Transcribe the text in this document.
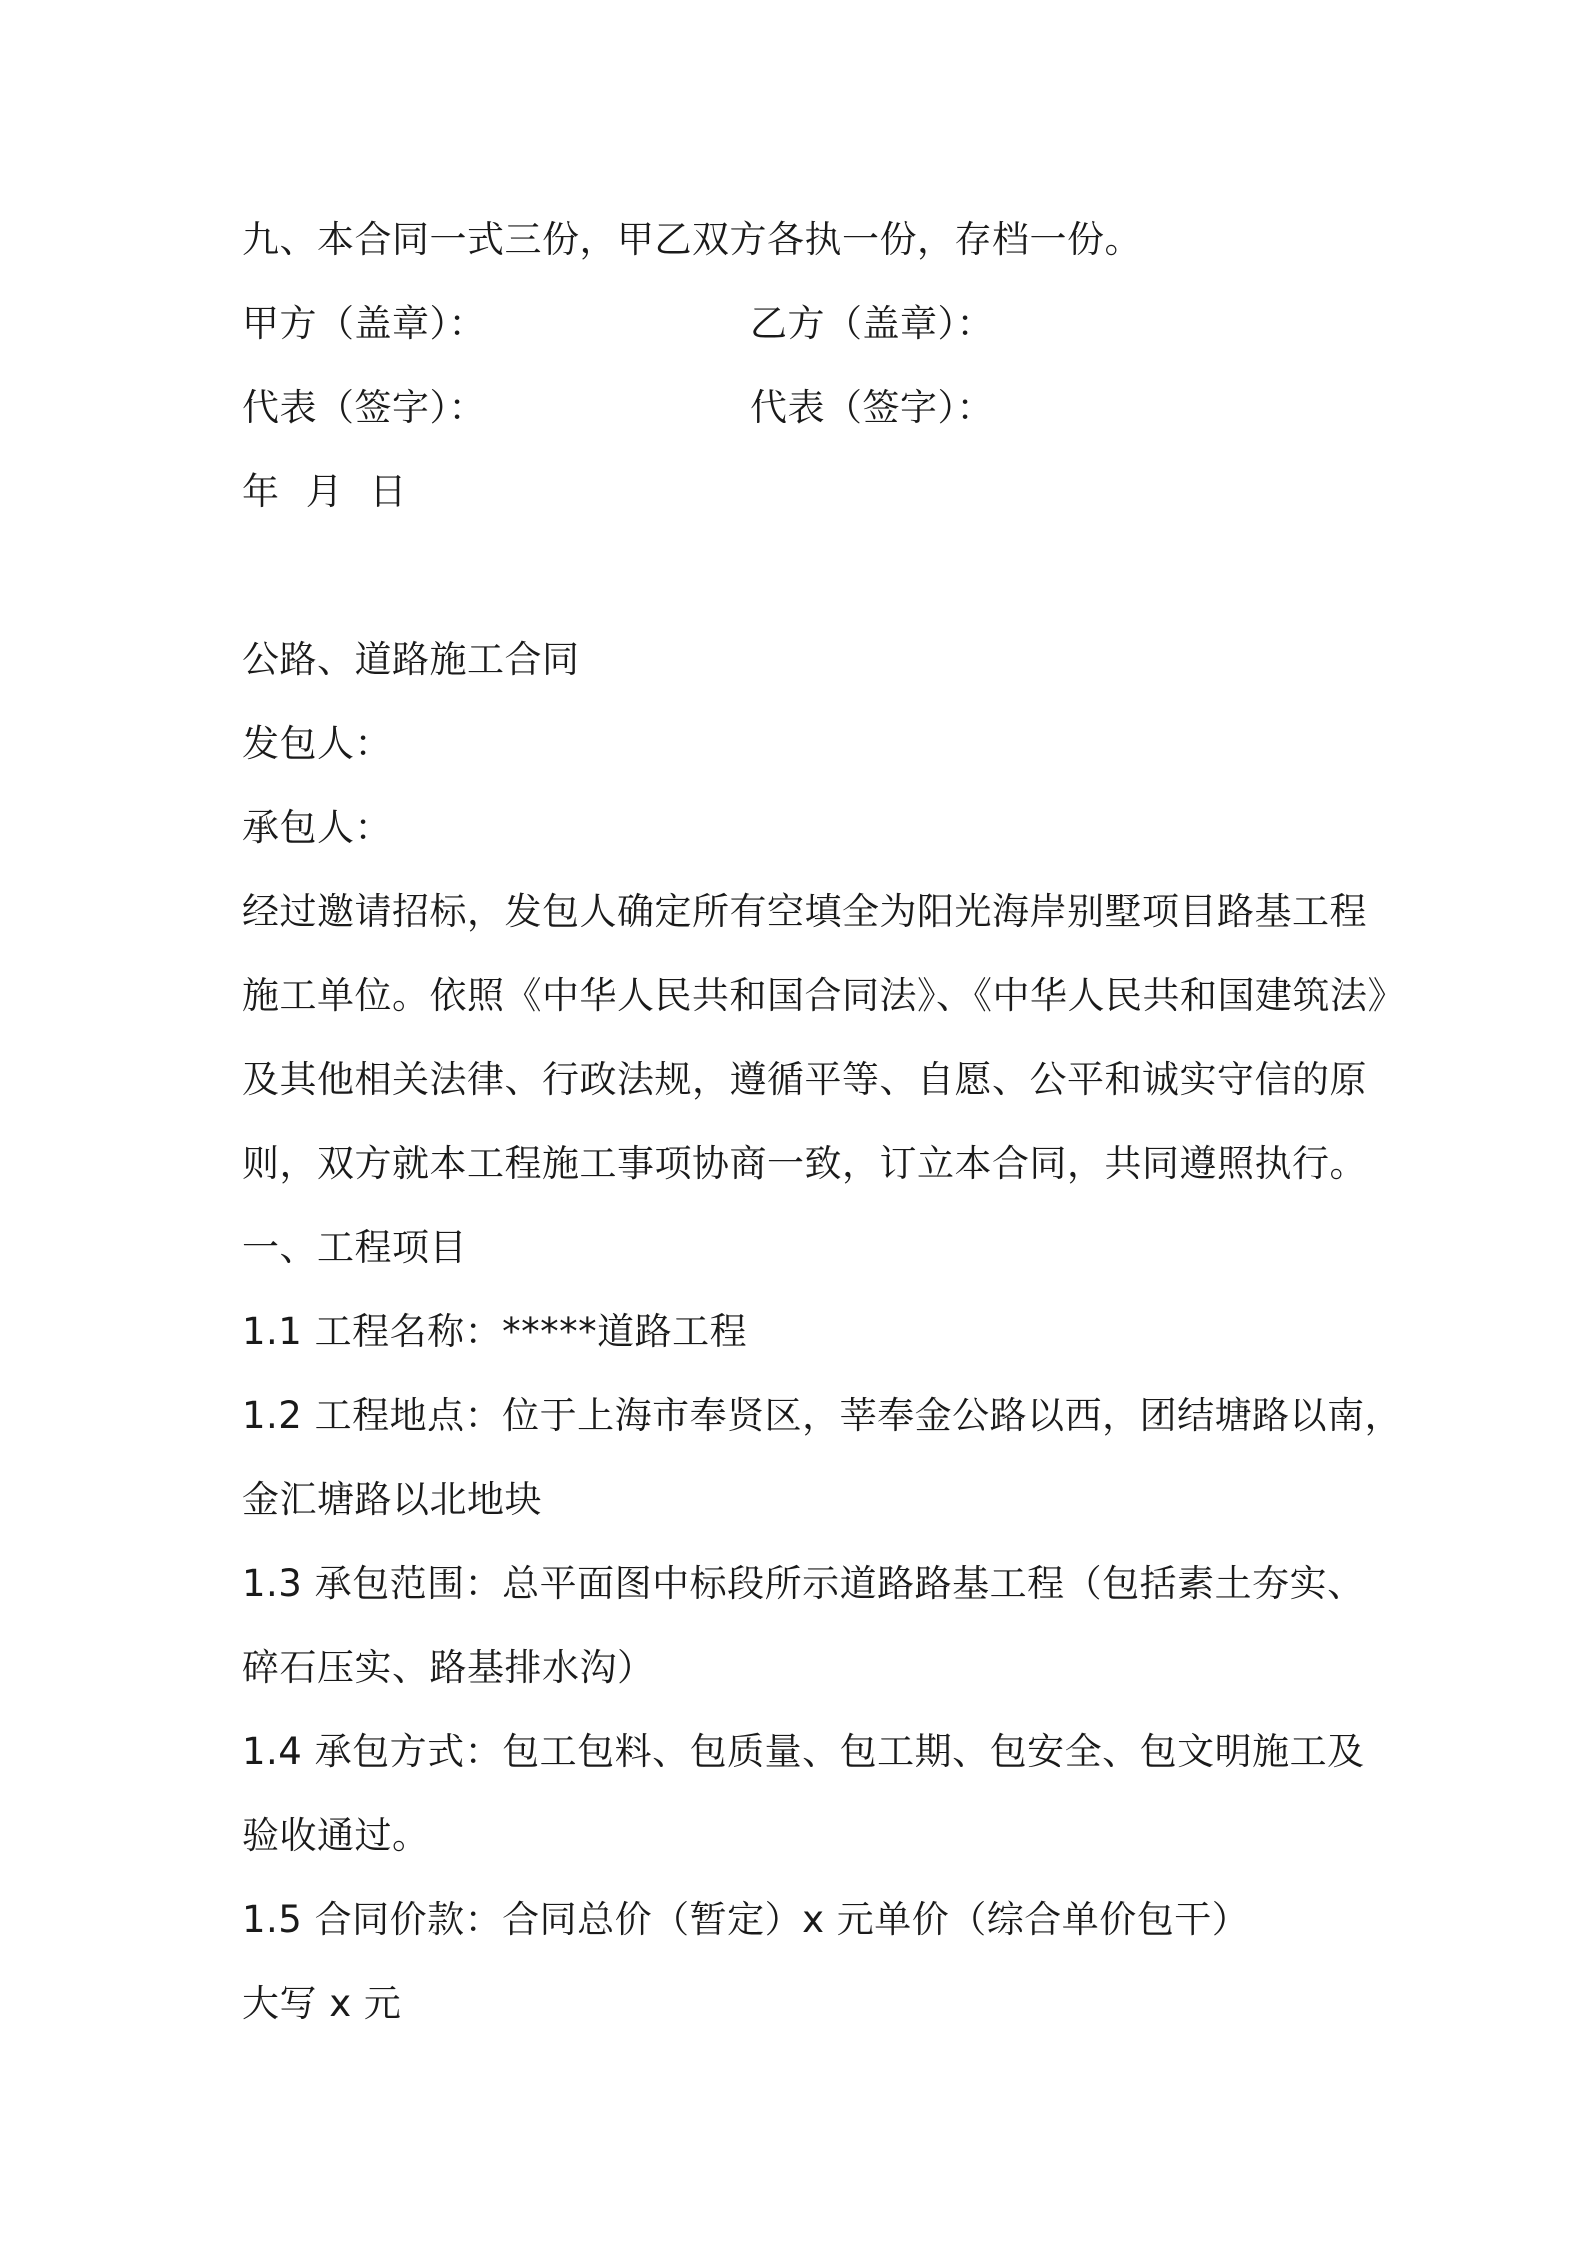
九、本合同一式三份，甲乙双方各执一份，存档一份。
甲方（盖章）：	乙方（盖章）：
代表（签字）：	代表（签字）：
年 月 日
公路、道路施工合同
发包人：
承包人：
经过邀请招标，发包人确定所有空填全为阳光海岸别墅项目路基工程
施工单位。依照《中华人民共和国合同法》、《中华人民共和国建筑法》
及其他相关法律、行政法规，遵循平等、自愿、公平和诚实守信的原
则，双方就本工程施工事项协商一致，订立本合同，共同遵照执行。
一、工程项目
1.1 工程名称：*****道路工程
1.2 工程地点：位于上海市奉贤区，莘奉金公路以西，团结塘路以南，
金汇塘路以北地块
1.3 承包范围：总平面图中标段所示道路路基工程（包括素土夯实、
碎石压实、路基排水沟）
1.4 承包方式：包工包料、包质量、包工期、包安全、包文明施工及
验收通过。
1.5 合同价款：合同总价（暂定）x 元单价（综合单价包干）
大写 x 元
